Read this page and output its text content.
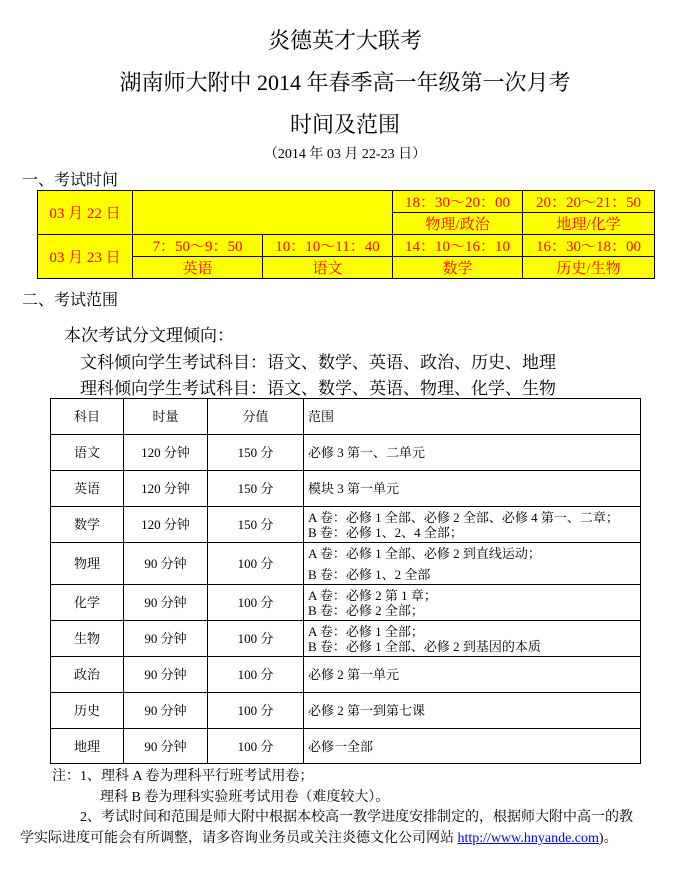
炎德英才大联考
湖南师大附中 2014 年春季高一年级第一次月考
时间及范围
（2014 年 03 月 22-23 日）
一、考试时间
03 月 22 日			18：30～20：00	20：20～21：50
			物理/政治	地理/化学
03 月 23 日	7：50～9：50	10：10～11：40	14：10～16：10	16：30～18：00
	英语	语文	数学	历史/生物
二、考试范围
本次考试分文理倾向：
文科倾向学生考试科目：语文、数学、英语、政治、历史、地理
理科倾向学生考试科目：语文、数学、英语、物理、化学、生物
科目	时量	分值	范围
语文	120 分钟	150 分	必修 3 第一、二单元

英语	120 分钟	150 分	模块 3 第一单元

数学	120 分钟	150 分	A 卷：必修 1 全部、必修 2 全部、必修 4 第一、二章；
B 卷：必修 1、2、4 全部；

物理	90 分钟	100 分	A 卷：必修 1 全部、必修 2 到直线运动；
B 卷：必修 1、2 全部

化学	90 分钟	100 分	A 卷：必修 2 第 1 章；
B 卷：必修 2 全部；

生物	90 分钟	100 分	A 卷：必修 1 全部；
B 卷：必修 1 全部、必修 2 到基因的本质

政治	90 分钟	100 分	必修 2 第一单元

历史	90 分钟	100 分	必修 2 第一到第七课

地理	90 分钟	100 分	必修一全部
注：1、理科 A 卷为理科平行班考试用卷；
理科 B 卷为理科实验班考试用卷（难度较大）。
2、考试时间和范围是师大附中根据本校高一教学进度安排制定的，根据师大附中高一的教
学实际进度可能会有所调整，请多咨询业务员或关注炎德文化公司网站 http://www.hnyande.com)。
